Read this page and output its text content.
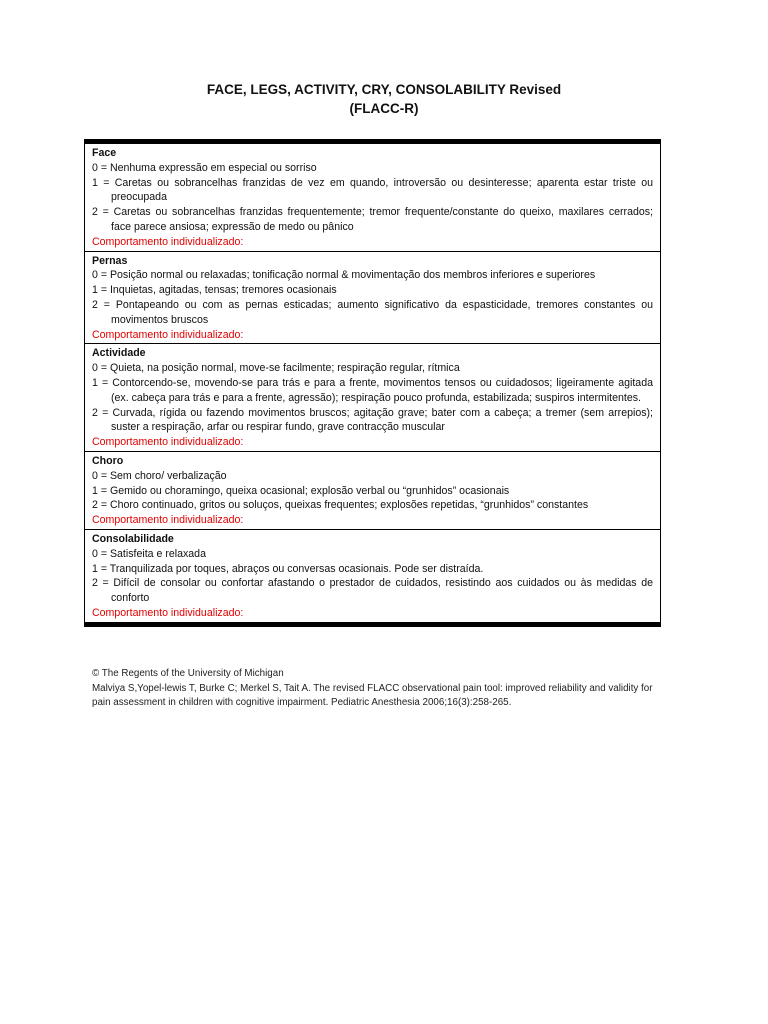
FACE, LEGS, ACTIVITY, CRY, CONSOLABILITY Revised
(FLACC-R)
Face
0 = Nenhuma expressão em especial ou sorriso
1 = Caretas ou sobrancelhas franzidas de vez em quando, introversão ou desinteresse; aparenta estar triste ou preocupada
2 = Caretas ou sobrancelhas franzidas frequentemente; tremor frequente/constante do queixo, maxilares cerrados; face parece ansiosa; expressão de medo ou pânico
Comportamento individualizado:
Pernas
0 = Posição normal ou relaxadas; tonificação normal & movimentação dos membros inferiores e superiores
1 = Inquietas, agitadas, tensas; tremores ocasionais
2 = Pontapeando ou com as pernas esticadas; aumento significativo da espasticidade, tremores constantes ou movimentos bruscos
Comportamento individualizado:
Actividade
0 = Quieta, na posição normal, move-se facilmente; respiração regular, rítmica
1 = Contorcendo-se, movendo-se para trás e para a frente, movimentos tensos ou cuidadosos; ligeiramente agitada (ex. cabeça para trás e para a frente, agressão); respiração pouco profunda, estabilizada; suspiros intermitentes.
2 = Curvada, rígida ou fazendo movimentos bruscos; agitação grave; bater com a cabeça; a tremer (sem arrepios); suster a respiração, arfar ou respirar fundo, grave contracção muscular
Comportamento individualizado:
Choro
0 = Sem choro/ verbalização
1 = Gemido ou choramingo, queixa ocasional; explosão verbal ou “grunhidos” ocasionais
2 = Choro continuado, gritos ou soluços, queixas frequentes; explosões repetidas, “grunhidos” constantes
Comportamento individualizado:
Consolabilidade
0 = Satisfeita e relaxada
1 = Tranquilizada por toques, abraços ou conversas ocasionais. Pode ser distraída.
2 = Difícil de consolar ou confortar afastando o prestador de cuidados, resistindo aos cuidados ou às medidas de conforto
Comportamento individualizado:
© The Regents of the University of Michigan
Malviya S,Yopel-lewis T, Burke C; Merkel S, Tait A. The revised FLACC observational pain tool: improved reliability and validity for pain assessment in children with cognitive impairment. Pediatric Anesthesia 2006;16(3):258-265.
